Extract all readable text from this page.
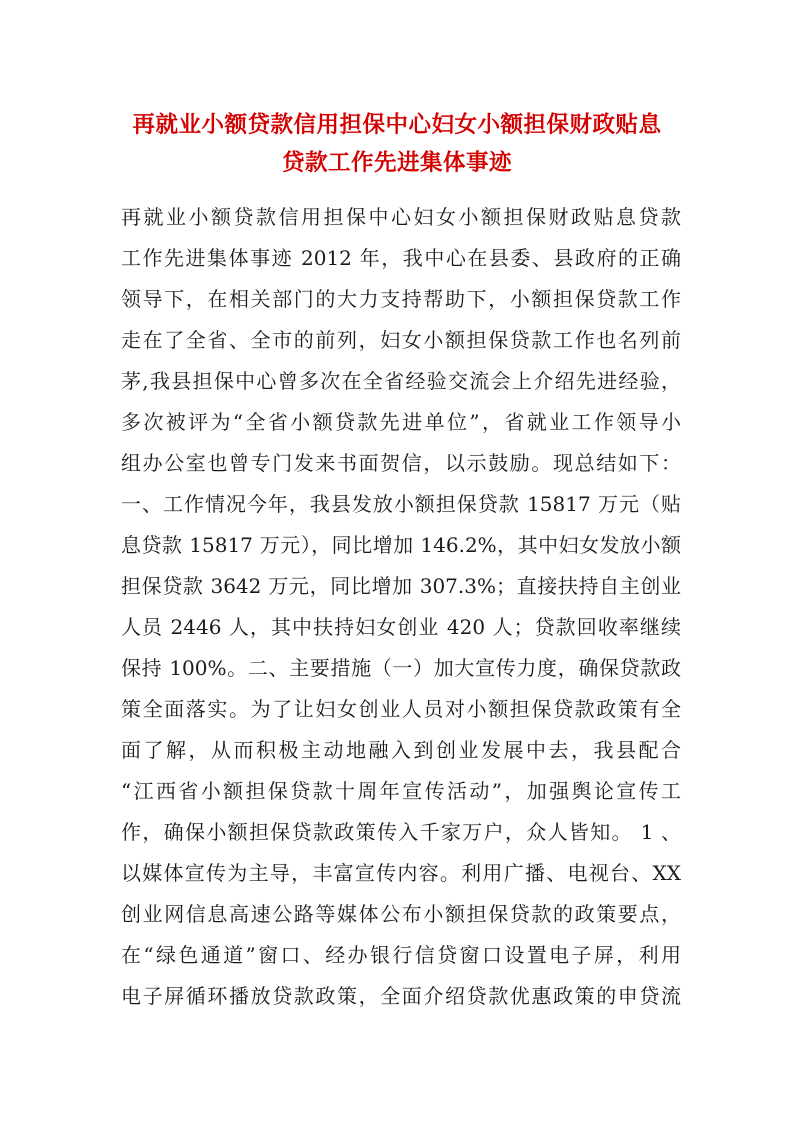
再就业小额贷款信用担保中心妇女小额担保财政贴息
贷款工作先进集体事迹

再就业小额贷款信用担保中心妇女小额担保财政贴息贷款

工作先进集体事迹 2012 年，我中心在县委、县政府的正确

领导下，在相关部门的大力支持帮助下，小额担保贷款工作

走在了全省、全市的前列，妇女小额担保贷款工作也名列前

茅,我县担保中心曾多次在全省经验交流会上介绍先进经验，

多次被评为“全省小额贷款先进单位”，省就业工作领导小

组办公室也曾专门发来书面贺信，以示鼓励。现总结如下：

一、工作情况今年，我县发放小额担保贷款 15817 万元（贴

息贷款 15817 万元），同比增加 146.2%，其中妇女发放小额

担保贷款 3642 万元，同比增加 307.3%；直接扶持自主创业

人员 2446 人，其中扶持妇女创业 420 人；贷款回收率继续

保持 100%。二、主要措施（一）加大宣传力度，确保贷款政

策全面落实。为了让妇女创业人员对小额担保贷款政策有全

面了解，从而积极主动地融入到创业发展中去，我县配合

“江西省小额担保贷款十周年宣传活动”，加强舆论宣传工

作，确保小额担保贷款政策传入千家万户，众人皆知。 1 、

以媒体宣传为主导，丰富宣传内容。利用广播、电视台、XX

创业网信息高速公路等媒体公布小额担保贷款的政策要点，

在“绿色通道”窗口、经办银行信贷窗口设置电子屏，利用

电子屏循环播放贷款政策，全面介绍贷款优惠政策的申贷流
